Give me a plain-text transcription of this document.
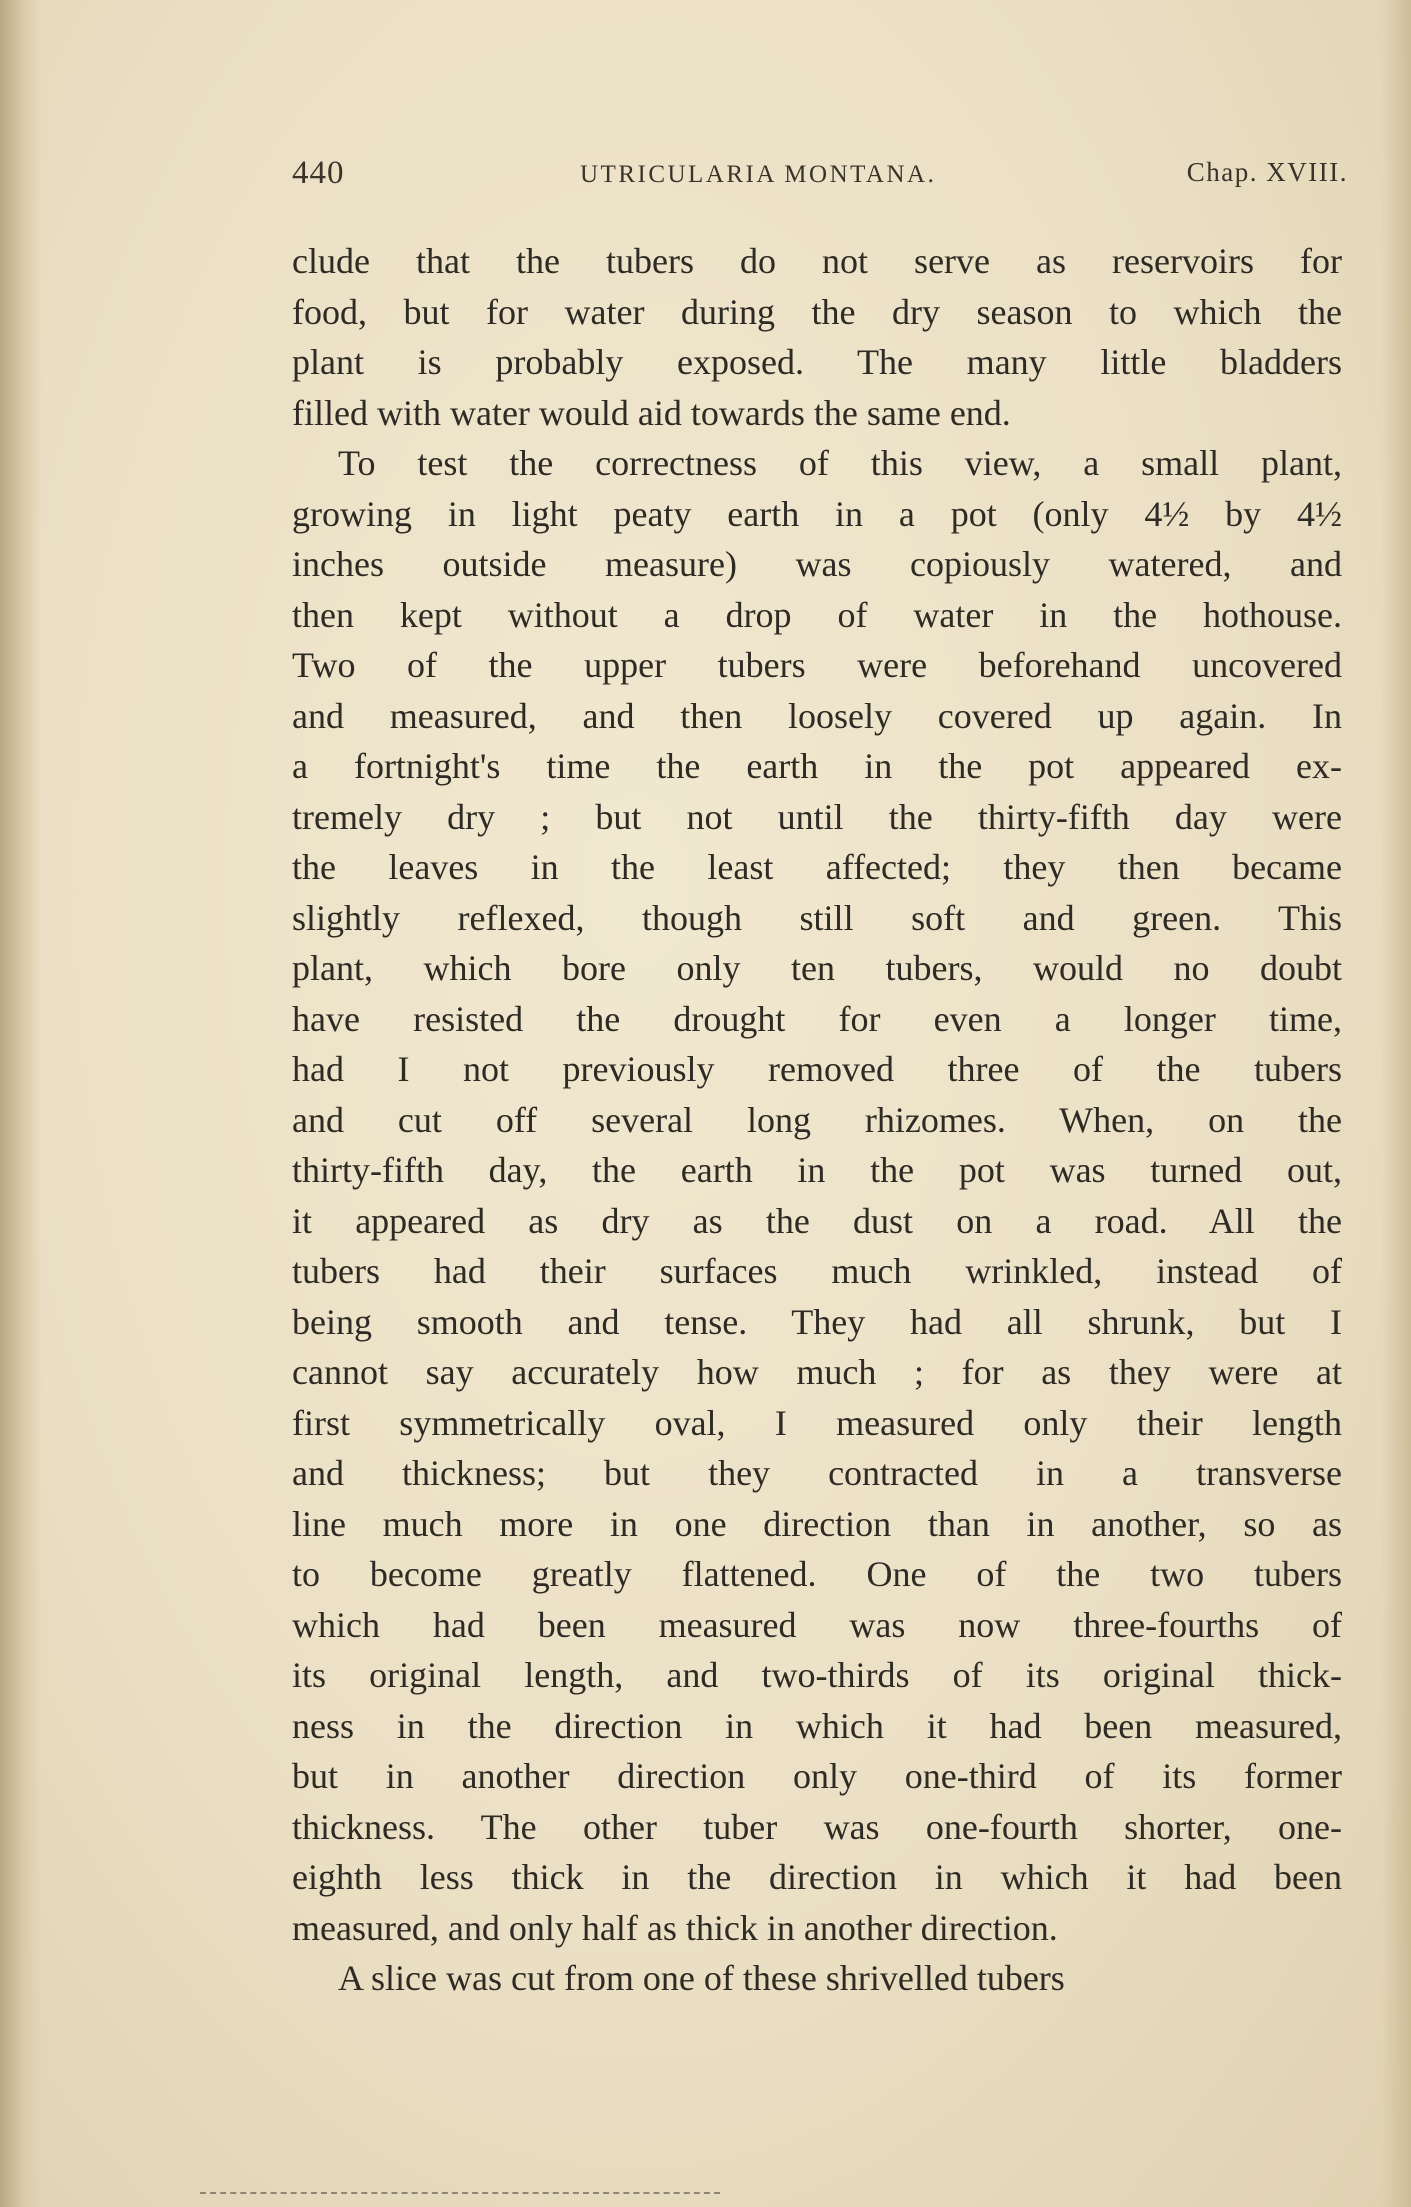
440	UTRICULARIA MONTANA.	Chap. XVIII.
clude that the tubers do not serve as reservoirs for
food, but for water during the dry season to which the
plant is probably exposed. The many little bladders
filled with water would aid towards the same end.
To test the correctness of this view, a small plant,
growing in light peaty earth in a pot (only 4½ by 4½
inches outside measure) was copiously watered, and
then kept without a drop of water in the hothouse.
Two of the upper tubers were beforehand uncovered
and measured, and then loosely covered up again. In
a fortnight's time the earth in the pot appeared ex-
tremely dry ; but not until the thirty-fifth day were
the leaves in the least affected; they then became
slightly reflexed, though still soft and green. This
plant, which bore only ten tubers, would no doubt
have resisted the drought for even a longer time,
had I not previously removed three of the tubers
and cut off several long rhizomes. When, on the
thirty-fifth day, the earth in the pot was turned out,
it appeared as dry as the dust on a road. All the
tubers had their surfaces much wrinkled, instead of
being smooth and tense. They had all shrunk, but I
cannot say accurately how much ; for as they were at
first symmetrically oval, I measured only their length
and thickness; but they contracted in a transverse
line much more in one direction than in another, so as
to become greatly flattened. One of the two tubers
which had been measured was now three-fourths of
its original length, and two-thirds of its original thick-
ness in the direction in which it had been measured,
but in another direction only one-third of its former
thickness. The other tuber was one-fourth shorter, one-
eighth less thick in the direction in which it had been
measured, and only half as thick in another direction.
A slice was cut from one of these shrivelled tubers
